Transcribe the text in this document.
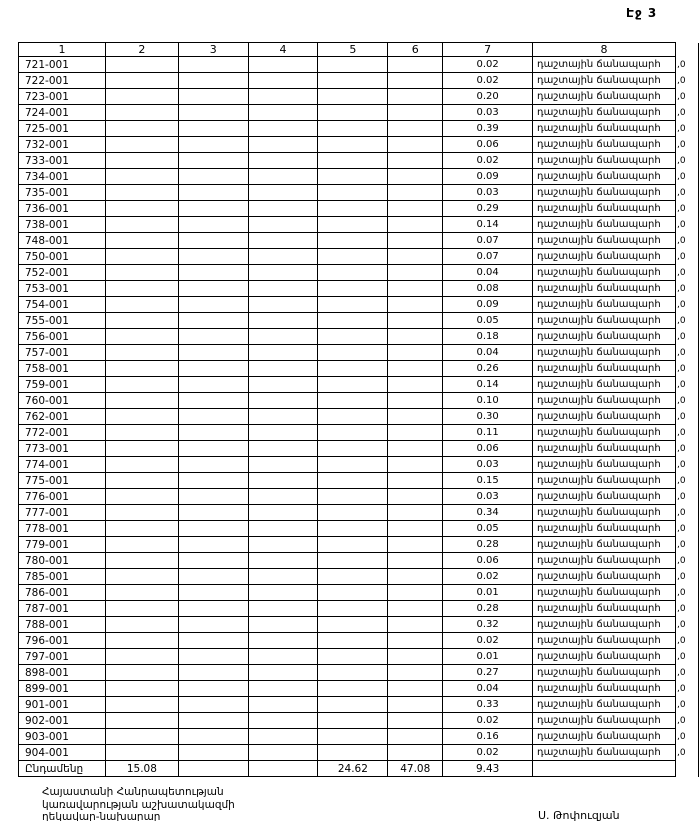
Էջ 3
1	2	3	4	5	6	7	8	
721-001						0.02	դաշտային ճանապարհ	,0
722-001						0.02	դաշտային ճանապարհ	,0
723-001						0.20	դաշտային ճանապարհ	,0
724-001						0.03	դաշտային ճանապարհ	,0
725-001						0.39	դաշտային ճանապարհ	,0
732-001						0.06	դաշտային ճանապարհ	,0
733-001						0.02	դաշտային ճանապարհ	,0
734-001						0.09	դաշտային ճանապարհ	,0
735-001						0.03	դաշտային ճանապարհ	,0
736-001						0.29	դաշտային ճանապարհ	,0
738-001						0.14	դաշտային ճանապարհ	,0
748-001						0.07	դաշտային ճանապարհ	,0
750-001						0.07	դաշտային ճանապարհ	,0
752-001						0.04	դաշտային ճանապարհ	,0
753-001						0.08	դաշտային ճանապարհ	,0
754-001						0.09	դաշտային ճանապարհ	,0
755-001						0.05	դաշտային ճանապարհ	,0
756-001						0.18	դաշտային ճանապարհ	,0
757-001						0.04	դաշտային ճանապարհ	,0
758-001						0.26	դաշտային ճանապարհ	,0
759-001						0.14	դաշտային ճանապարհ	,0
760-001						0.10	դաշտային ճանապարհ	,0
762-001						0.30	դաշտային ճանապարհ	,0
772-001						0.11	դաշտային ճանապարհ	,0
773-001						0.06	դաշտային ճանապարհ	,0
774-001						0.03	դաշտային ճանապարհ	,0
775-001						0.15	դաշտային ճանապարհ	,0
776-001						0.03	դաշտային ճանապարհ	,0
777-001						0.34	դաշտային ճանապարհ	,0
778-001						0.05	դաշտային ճանապարհ	,0
779-001						0.28	դաշտային ճանապարհ	,0
780-001						0.06	դաշտային ճանապարհ	,0
785-001						0.02	դաշտային ճանապարհ	,0
786-001						0.01	դաշտային ճանապարհ	,0
787-001						0.28	դաշտային ճանապարհ	,0
788-001						0.32	դաշտային ճանապարհ	,0
796-001						0.02	դաշտային ճանապարհ	,0
797-001						0.01	դաշտային ճանապարհ	,0
898-001						0.27	դաշտային ճանապարհ	,0
899-001						0.04	դաշտային ճանապարհ	,0
901-001						0.33	դաշտային ճանապարհ	,0
902-001						0.02	դաշտային ճանապարհ	,0
903-001						0.16	դաշտային ճանապարհ	,0
904-001						0.02	դաշտային ճանապարհ	,0
Ընդամենը	15.08			24.62	47.08	9.43		
Հայաստանի Հանրապետության
կառավարության աշխատակազմի
ղեկավար-նախարար	Ս. Թոփուզյան
